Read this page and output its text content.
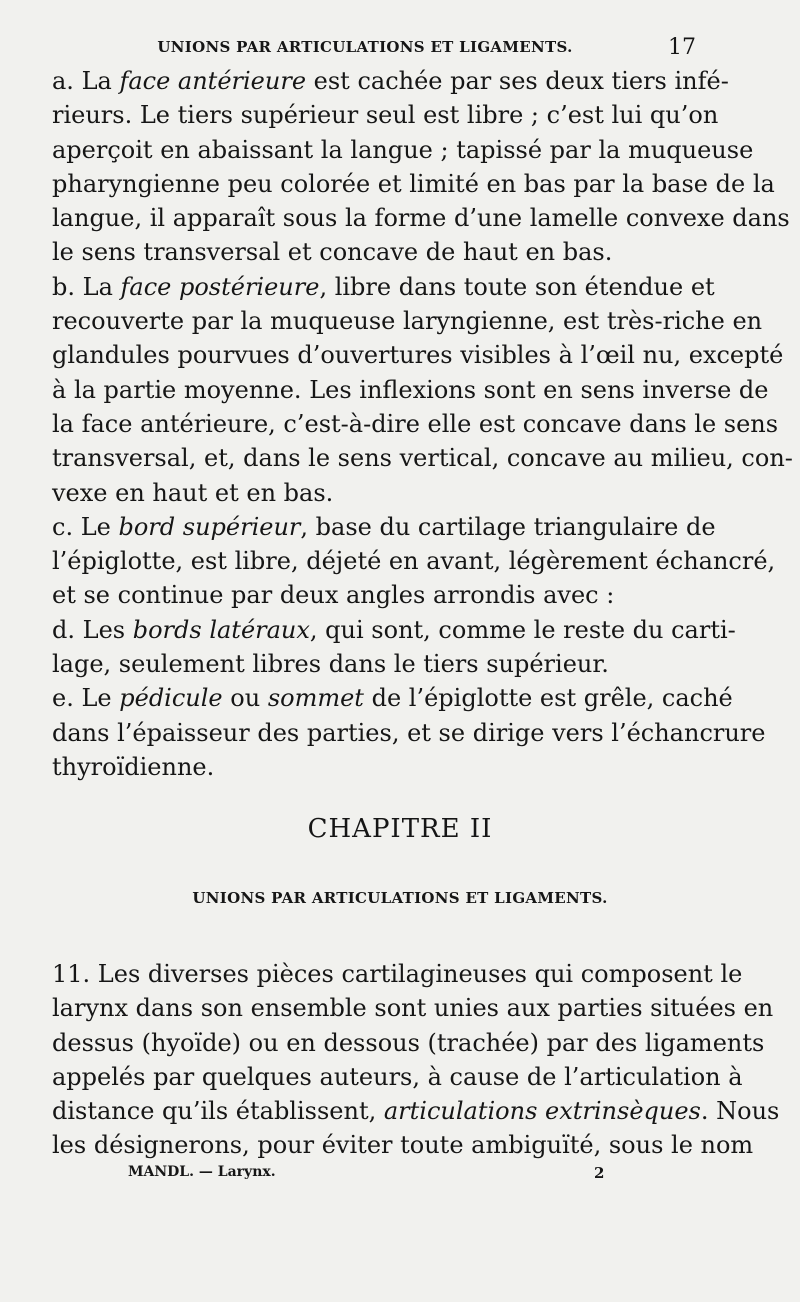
UNIONS PAR ARTICULATIONS ET LIGAMENTS.	17
a. La face antérieure est cachée par ses deux tiers infé-
rieurs. Le tiers supérieur seul est libre ; c’est lui qu’on
aperçoit en abaissant la langue ; tapissé par la muqueuse
pharyngienne peu colorée et limité en bas par la base de la
langue, il apparaît sous la forme d’une lamelle convexe dans
le sens transversal et concave de haut en bas.
b. La face postérieure, libre dans toute son étendue et
recouverte par la muqueuse laryngienne, est très-riche en
glandules pourvues d’ouvertures visibles à l’œil nu, excepté
à la partie moyenne. Les inflexions sont en sens inverse de
la face antérieure, c’est-à-dire elle est concave dans le sens
transversal, et, dans le sens vertical, concave au milieu, con-
vexe en haut et en bas.
c. Le bord supérieur, base du cartilage triangulaire de
l’épiglotte, est libre, déjeté en avant, légèrement échancré,
et se continue par deux angles arrondis avec :
d. Les bords latéraux, qui sont, comme le reste du carti-
lage, seulement libres dans le tiers supérieur.
e. Le pédicule ou sommet de l’épiglotte est grêle, caché
dans l’épaisseur des parties, et se dirige vers l’échancrure
thyroïdienne.
CHAPITRE II
UNIONS PAR ARTICULATIONS ET LIGAMENTS.
11. Les diverses pièces cartilagineuses qui composent le
larynx dans son ensemble sont unies aux parties situées en
dessus (hyoïde) ou en dessous (trachée) par des ligaments
appelés par quelques auteurs, à cause de l’articulation à
distance qu’ils établissent, articulations extrinsèques. Nous
les désignerons, pour éviter toute ambiguïté, sous le nom
MANDL. — Larynx.	2
